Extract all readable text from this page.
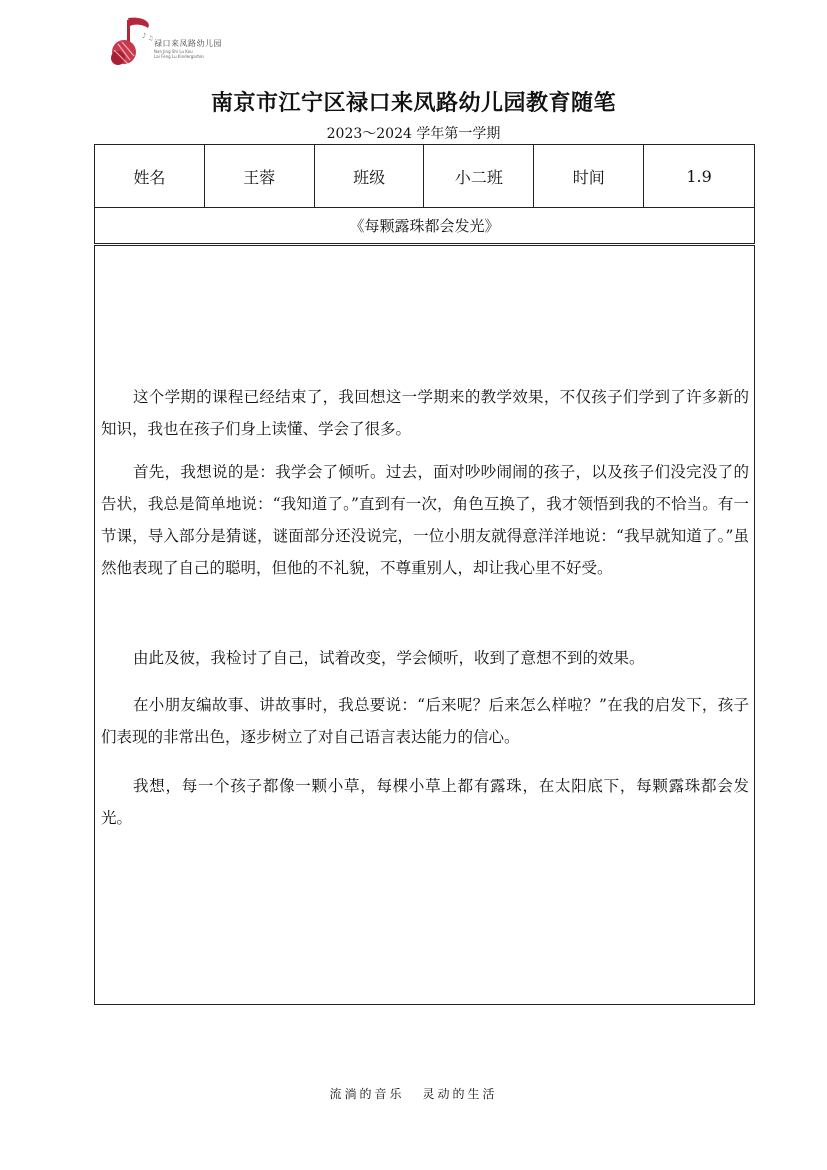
♪ ♫
禄口来凤路幼儿园
Nan Jing Shi Lu Kou
Lai Feng Lu Kindergarten
南京市江宁区禄口来凤路幼儿园教育随笔
2023～2024 学年第一学期
姓名	王蓉	班级	小二班	时间	1.9
《每颗露珠都会发光》
这个学期的课程已经结束了，我回想这一学期来的教学效果，不仅孩子们学到了许多新的知识，我也在孩子们身上读懂、学会了很多。
首先，我想说的是：我学会了倾听。过去，面对吵吵闹闹的孩子，以及孩子们没完没了的告状，我总是简单地说：“我知道了。”直到有一次，角色互换了，我才领悟到我的不恰当。有一节课，导入部分是猜谜，谜面部分还没说完，一位小朋友就得意洋洋地说：“我早就知道了。”虽然他表现了自己的聪明，但他的不礼貌，不尊重别人，却让我心里不好受。
由此及彼，我检讨了自己，试着改变，学会倾听，收到了意想不到的效果。
在小朋友编故事、讲故事时，我总要说：“后来呢？后来怎么样啦？”在我的启发下，孩子们表现的非常出色，逐步树立了对自己语言表达能力的信心。
我想，每一个孩子都像一颗小草，每棵小草上都有露珠，在太阳底下，每颗露珠都会发光。
流淌的音乐 灵动的生活
